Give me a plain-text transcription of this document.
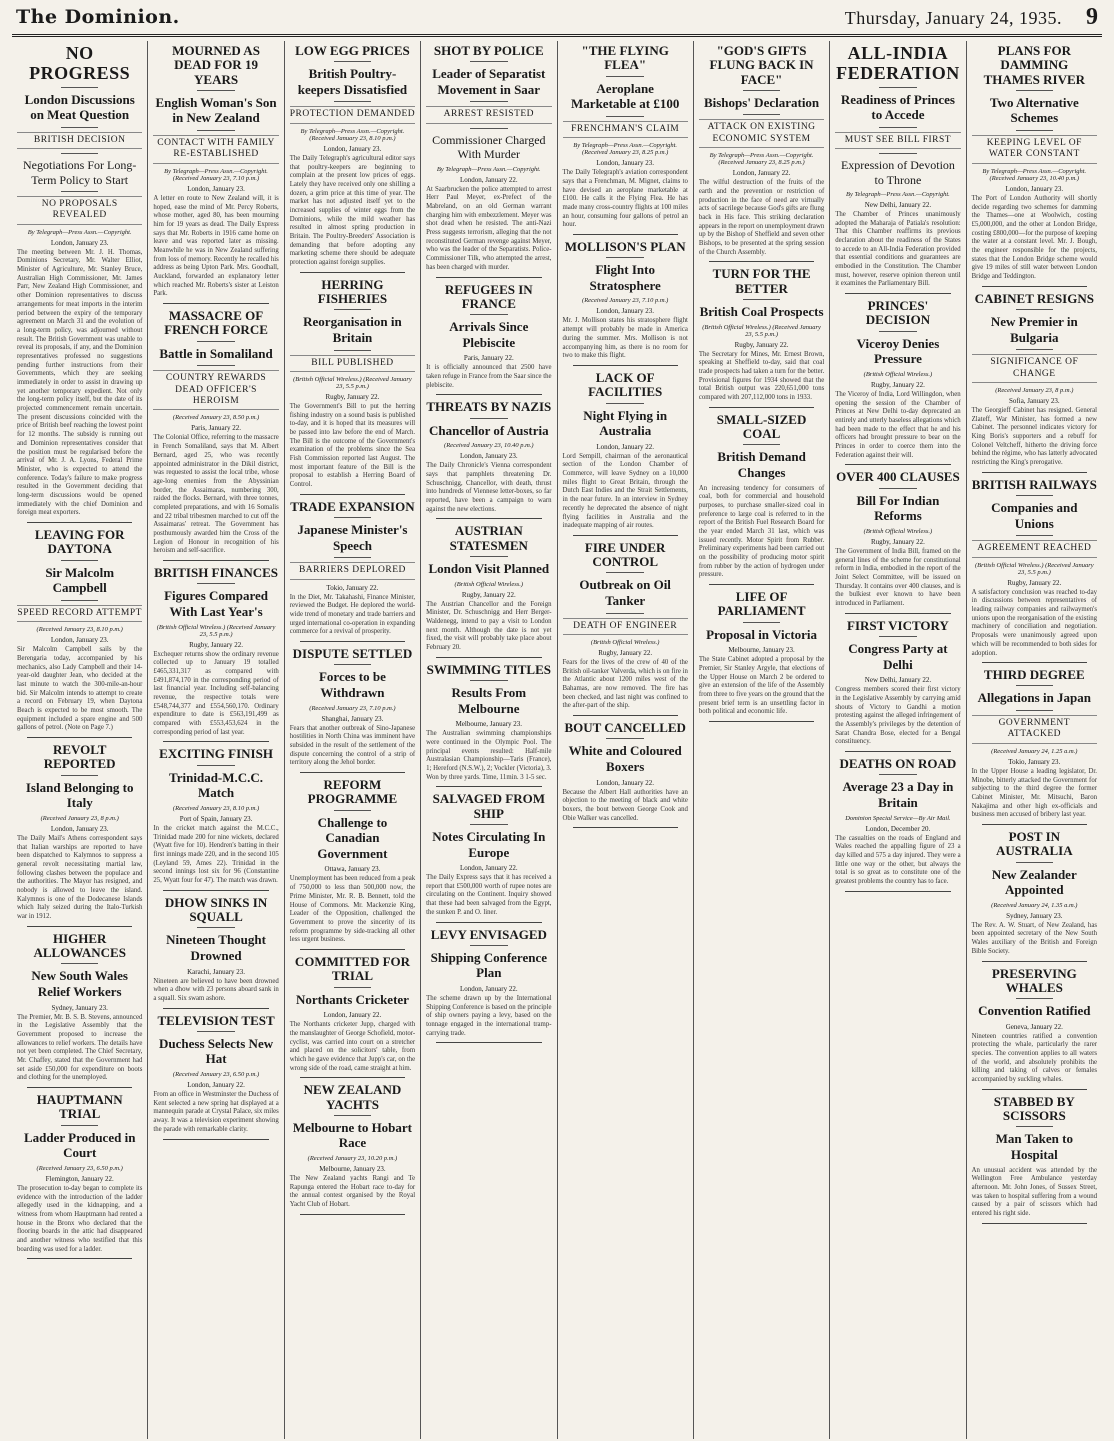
The Dominion.	Thursday, January 24, 1935. 9
NO PROGRESS
London Discussions on Meat Question
BRITISH DECISION
Negotiations For Long-Term Policy to Start
NO PROPOSALS REVEALED
By Telegraph—Press Assn.—Copyright.
London, January 23.

The meeting between Mr. J. H. Thomas, Dominions Secretary, Mr. Walter Elliot, Minister of Agriculture, Mr. Stanley Bruce, Australian High Commissioner, Mr. James Parr, New Zealand High Commissioner, and other Dominion representatives to discuss arrangements for meat imports in the interim period between the expiry of the temporary agreement on March 31 and the evolution of a long-term policy, was adjourned without result. The British Government was unable to reveal its proposals, if any, and the Dominion representatives professed no suggestions pending further instructions from their Governments, which they are seeking immediately in order to assist in drawing up yet another temporary expedient. Not only the long-term policy itself, but the date of its projected commencement remain uncertain. The present discussions coincided with the price of British beef reaching the lowest point for 12 months. The subsidy is running out and Dominion representatives consider that the position must be regularised before the arrival of Mr. J. A. Lyons, Federal Prime Minister, who is expected to attend the conference. Today's failure to make progress resulted in the Government deciding that long-term discussions would be opened immediately with the chief Dominion and foreign meat exporters.

LEAVING FOR DAYTONA
Sir Malcolm Campbell
SPEED RECORD ATTEMPT
(Received January 23, 8.10 p.m.)
London, January 23.

Sir Malcolm Campbell sails by the Berengaria today, accompanied by his mechanics, also Lady Campbell and their 14-year-old daughter Jean, who decided at the last minute to watch the 300-mile-an-hour bid. Sir Malcolm intends to attempt to create a record on February 19, when Daytona Beach is expected to be most smooth. The equipment included a spare engine and 500 gallons of petrol. (Note on Page 7.)

REVOLT REPORTED
Island Belonging to Italy
(Received January 23, 8 p.m.)
London, January 23.

The Daily Mail's Athens correspondent says that Italian warships are reported to have been dispatched to Kalymnos to suppress a general revolt necessitating martial law, following clashes between the populace and the authorities. The Mayor has resigned, and nobody is allowed to leave the island. Kalymnos is one of the Dodecanese Islands which Italy seized during the Italo-Turkish war in 1912.

HIGHER ALLOWANCES
New South Wales Relief Workers
Sydney, January 23.

The Premier, Mr. B. S. B. Stevens, announced in the Legislative Assembly that the Government proposed to increase the allowances to relief workers. The details have not yet been completed. The Chief Secretary, Mr. Chaffey, stated that the Government had set aside £50,000 for expenditure on boots and clothing for the unemployed.

HAUPTMANN TRIAL
Ladder Produced in Court
(Received January 23, 6.50 p.m.)
Flemington, January 22.

The prosecution to-day began to complete its evidence with the introduction of the ladder allegedly used in the kidnapping, and a witness from whom Hauptmann had rented a house in the Bronx who declared that the flooring boards in the attic had disappeared and another witness who testified that this boarding was used for a ladder.

MOURNED AS DEAD FOR 19 YEARS
English Woman's Son in New Zealand
CONTACT WITH FAMILY RE-ESTABLISHED
By Telegraph—Press Assn.—Copyright. (Received January 23, 7.10 p.m.)
London, January 23.

A letter en route to New Zealand will, it is hoped, ease the mind of Mr. Percy Roberts, whose mother, aged 80, has been mourning him for 19 years as dead. The Daily Express says that Mr. Roberts in 1916 came home on leave and was reported later as missing. Meanwhile he was in New Zealand suffering from loss of memory. Recently he recalled his address as being Upton Park. Mrs. Goodhall, Auckland, forwarded an explanatory letter which reached Mr. Roberts's sister at Leiston Park.

MASSACRE OF FRENCH FORCE
Battle in Somaliland
COUNTRY REWARDS DEAD OFFICER'S HEROISM
(Received January 23, 8.50 p.m.)
Paris, January 22.

The Colonial Office, referring to the massacre in French Somaliland, says that M. Albert Bernard, aged 25, who was recently appointed administrator in the Dikil district, was requested to assist the local tribe, whose age-long enemies from the Abyssinian border, the Assaimaras, numbering 300, raided the flocks. Bernard, with three tonnes, completed preparations, and with 16 Somalis and 22 tribal tribesmen marched to cut off the Assaimaras' retreat. The Government has posthumously awarded him the Cross of the Legion of Honour in recognition of his heroism and self-sacrifice.

BRITISH FINANCES
Figures Compared With Last Year's
(British Official Wireless.) (Received January 23, 5.5 p.m.)
Rugby, January 22.

Exchequer returns show the ordinary revenue collected up to January 19 totalled £465,331,317 as compared with £491,874,170 in the corresponding period of last financial year. Including self-balancing revenue, the respective totals were £548,744,377 and £554,560,170. Ordinary expenditure to date is £563,191,499 as compared with £553,453,624 in the corresponding period of last year.

EXCITING FINISH
Trinidad-M.C.C. Match
(Received January 23, 8.10 p.m.)
Port of Spain, January 23.

In the cricket match against the M.C.C., Trinidad made 200 for nine wickets, declared (Wyatt five for 10). Hendren's batting in their first innings made 220, and in the second 105 (Leyland 59, Ames 22). Trinidad in the second innings lost six for 96 (Constantine 25, Wyatt four for 47). The match was drawn.

DHOW SINKS IN SQUALL
Nineteen Thought Drowned
Karachi, January 23.

Nineteen are believed to have been drowned when a dhow with 23 persons aboard sank in a squall. Six swam ashore.

TELEVISION TEST
Duchess Selects New Hat
(Received January 23, 6.50 p.m.)
London, January 22.

From an office in Westminster the Duchess of Kent selected a new spring hat displayed at a mannequin parade at Crystal Palace, six miles away. It was a television experiment showing the parade with remarkable clarity.

LOW EGG PRICES
British Poultry-keepers Dissatisfied
PROTECTION DEMANDED
By Telegraph—Press Assn.—Copyright. (Received January 23, 8.10 p.m.)
London, January 23.

The Daily Telegraph's agricultural editor says that poultry-keepers are beginning to complain at the present low prices of eggs. Lately they have received only one shilling a dozen, a grim price at this time of year. The market has not adjusted itself yet to the increased supplies of winter eggs from the Dominions, while the mild weather has resulted in almost spring production in Britain. The Poultry-Breeders' Association is demanding that before adopting any marketing scheme there should be adequate protection against foreign supplies.

HERRING FISHERIES
Reorganisation in Britain
BILL PUBLISHED
(British Official Wireless.) (Received January 23, 5.5 p.m.)
Rugby, January 22.

The Government's Bill to put the herring fishing industry on a sound basis is published to-day, and it is hoped that its measures will be passed into law before the end of March. The Bill is the outcome of the Government's examination of the problems since the Sea Fish Commission reported last August. The most important feature of the Bill is the proposal to establish a Herring Board of Control.

TRADE EXPANSION
Japanese Minister's Speech
BARRIERS DEPLORED
Tokio, January 22.

In the Diet, Mr. Takahashi, Finance Minister, reviewed the Budget. He deplored the world-wide trend of monetary and trade barriers and urged international co-operation in expanding commerce for a revival of prosperity.

DISPUTE SETTLED
Forces to be Withdrawn
(Received January 23, 7.10 p.m.)
Shanghai, January 23.

Fears that another outbreak of Sino-Japanese hostilities in North China was imminent have subsided in the result of the settlement of the dispute concerning the control of a strip of territory along the Jehol border.

REFORM PROGRAMME
Challenge to Canadian Government
Ottawa, January 23.

Unemployment has been reduced from a peak of 750,000 to less than 500,000 now, the Prime Minister, Mr. R. B. Bennett, told the House of Commons. Mr. Mackenzie King, Leader of the Opposition, challenged the Government to prove the sincerity of its reform programme by side-tracking all other less urgent business.

COMMITTED FOR TRIAL
Northants Cricketer
London, January 22.

The Northants cricketer Jupp, charged with the manslaughter of George Schofield, motor-cyclist, was carried into court on a stretcher and placed on the solicitors' table, from which he gave evidence that Jupp's car, on the wrong side of the road, came straight at him.

NEW ZEALAND YACHTS
Melbourne to Hobart Race
(Received January 23, 10.20 p.m.)
Melbourne, January 23.

The New Zealand yachts Rangi and Te Rapunga entered the Hobart race to-day for the annual contest organised by the Royal Yacht Club of Hobart.

SHOT BY POLICE
Leader of Separatist Movement in Saar
ARREST RESISTED
Commissioner Charged With Murder
By Telegraph—Press Assn.—Copyright.
London, January 22.

At Saarbrucken the police attempted to arrest Herr Paul Meyer, ex-Prefect of the Mabreland, on an old German warrant charging him with embezzlement. Meyer was shot dead when he resisted. The anti-Nazi Press suggests terrorism, alleging that the not reconstituted German revenge against Meyer, who was the leader of the Separatists. Police-Commissioner Tilk, who attempted the arrest, has been charged with murder.

REFUGEES IN FRANCE
Arrivals Since Plebiscite
Paris, January 22.

It is officially announced that 2500 have taken refuge in France from the Saar since the plebiscite.

THREATS BY NAZIS
Chancellor of Austria
(Received January 23, 10.40 p.m.)
London, January 23.

The Daily Chronicle's Vienna correspondent says that pamphlets threatening Dr. Schuschnigg, Chancellor, with death, thrust into hundreds of Viennese letter-boxes, so far reported, have been a campaign to warn against the new elections.

AUSTRIAN STATESMEN
London Visit Planned
(British Official Wireless.)
Rugby, January 22.

The Austrian Chancellor and the Foreign Minister, Dr. Schuschnigg and Herr Berger-Waldenegg, intend to pay a visit to London next month. Although the date is not yet fixed, the visit will probably take place about February 20.

SWIMMING TITLES
Results From Melbourne
Melbourne, January 23.

The Australian swimming championships were continued in the Olympic Pool. The principal events resulted: Half-mile Australasian Championship—Taris (France), 1; Hereford (N.S.W.), 2; Vockler (Victoria), 3. Won by three yards. Time, 11min. 3 1-5 sec.

SALVAGED FROM SHIP
Notes Circulating In Europe
London, January 22.

The Daily Express says that it has received a report that £500,000 worth of rupee notes are circulating on the Continent. Inquiry showed that these had been salvaged from the Egypt, the sunken P. and O. liner.

LEVY ENVISAGED
Shipping Conference Plan
London, January 22.

The scheme drawn up by the International Shipping Conference is based on the principle of ship owners paying a levy, based on the tonnage engaged in the international tramp-carrying trade.

"THE FLYING FLEA"
Aeroplane Marketable at £100
FRENCHMAN'S CLAIM
By Telegraph—Press Assn.—Copyright. (Received January 23, 8.25 p.m.)
London, January 23.

The Daily Telegraph's aviation correspondent says that a Frenchman, M. Mignet, claims to have devised an aeroplane marketable at £100. He calls it the Flying Flea. He has made many cross-country flights at 100 miles an hour, consuming four gallons of petrol an hour.

MOLLISON'S PLAN
Flight Into Stratosphere
(Received January 23, 7.10 p.m.)
London, January 23.

Mr. J. Mollison states his stratosphere flight attempt will probably be made in America during the summer. Mrs. Mollison is not accompanying him, as there is no room for two to make this flight.

LACK OF FACILITIES
Night Flying in Australia
London, January 22.

Lord Sempill, chairman of the aeronautical section of the London Chamber of Commerce, will leave Sydney on a 10,000 miles flight to Great Britain, through the Dutch East Indies and the Strait Settlements, in the near future. In an interview in Sydney recently he deprecated the absence of night flying facilities in Australia and the inadequate mapping of air routes.

FIRE UNDER CONTROL
Outbreak on Oil Tanker
DEATH OF ENGINEER
(British Official Wireless.)
Rugby, January 22.

Fears for the lives of the crew of 40 of the British oil-tanker Valverda, which is on fire in the Atlantic about 1200 miles west of the Bahamas, are now removed. The fire has been checked, and last night was confined to the after-part of the ship.

BOUT CANCELLED
White and Coloured Boxers
London, January 22.

Because the Albert Hall authorities have an objection to the meeting of black and white boxers, the bout between George Cook and Obie Walker was cancelled.

"GOD'S GIFTS FLUNG BACK IN FACE"
Bishops' Declaration
ATTACK ON EXISTING ECONOMIC SYSTEM
By Telegraph—Press Assn.—Copyright. (Received January 23, 8.25 p.m.)
London, January 22.

The wilful destruction of the fruits of the earth and the prevention or restriction of production in the face of need are virtually acts of sacrilege because God's gifts are flung back in His face. This striking declaration appears in the report on unemployment drawn up by the Bishop of Sheffield and seven other Bishops, to be presented at the spring session of the Church Assembly.

TURN FOR THE BETTER
British Coal Prospects
(British Official Wireless.) (Received January 23, 5.5 p.m.)
Rugby, January 22.

The Secretary for Mines, Mr. Ernest Brown, speaking at Sheffield to-day, said that coal trade prospects had taken a turn for the better. Provisional figures for 1934 showed that the total British output was 220,651,000 tons compared with 207,112,000 tons in 1933.

SMALL-SIZED COAL
British Demand Changes

An increasing tendency for consumers of coal, both for commercial and household purposes, to purchase smaller-sized coal in preference to large coal is referred to in the report of the British Fuel Research Board for the year ended March 31 last, which was issued recently. Motor Spirit from Rubber. Preliminary experiments had been carried out on the possibility of producing motor spirit from rubber by the action of hydrogen under pressure.

LIFE OF PARLIAMENT
Proposal in Victoria
Melbourne, January 23.

The State Cabinet adopted a proposal by the Premier, Sir Stanley Argyle, that elections of the Upper House on March 2 be ordered to give an extension of the life of the Assembly from three to five years on the ground that the present brief term is an unsettling factor in both political and economic life.

ALL-INDIA FEDERATION
Readiness of Princes to Accede
MUST SEE BILL FIRST
Expression of Devotion to Throne
By Telegraph—Press Assn.—Copyright.
New Delhi, January 22.

The Chamber of Princes unanimously adopted the Maharaja of Patiala's resolution: That this Chamber reaffirms its previous declaration about the readiness of the States to accede to an All-India Federation provided that essential conditions and guarantees are embodied in the Constitution. The Chamber must, however, reserve opinion thereon until it examines the Parliamentary Bill.

PRINCES' DECISION
Viceroy Denies Pressure
(British Official Wireless.)
Rugby, January 22.

The Viceroy of India, Lord Willingdon, when opening the session of the Chamber of Princes at New Delhi to-day deprecated an entirely and utterly baseless allegations which had been made to the effect that he and his officers had brought pressure to bear on the Princes in order to coerce them into the Federation against their will.

OVER 400 CLAUSES
Bill For Indian Reforms
(British Official Wireless.)
Rugby, January 22.

The Government of India Bill, framed on the general lines of the scheme for constitutional reform in India, embodied in the report of the Joint Select Committee, will be issued on Thursday. It contains over 400 clauses, and is the bulkiest ever known to have been introduced in Parliament.

FIRST VICTORY
Congress Party at Delhi
New Delhi, January 22.

Congress members scored their first victory in the Legislative Assembly by carrying amid shouts of Victory to Gandhi a motion protesting against the alleged infringement of the Assembly's privileges by the detention of Sarat Chandra Bose, elected for a Bengal constituency.

DEATHS ON ROAD
Average 23 a Day in Britain
Dominion Special Service—By Air Mail.
London, December 20.

The casualties on the roads of England and Wales reached the appalling figure of 23 a day killed and 575 a day injured. They were a little one way or the other, but always the total is so great as to constitute one of the greatest problems the country has to face.

PLANS FOR DAMMING THAMES RIVER
Two Alternative Schemes
KEEPING LEVEL OF WATER CONSTANT
By Telegraph—Press Assn.—Copyright. (Received January 23, 10.40 p.m.)
London, January 23.

The Port of London Authority will shortly decide regarding two schemes for damming the Thames—one at Woolwich, costing £5,000,000, and the other at London Bridge, costing £800,000—for the purpose of keeping the water at a constant level. Mr. J. Bough, the engineer responsible for the projects, states that the London Bridge scheme would give 19 miles of still water between London Bridge and Teddington.

CABINET RESIGNS
New Premier in Bulgaria
SIGNIFICANCE OF CHANGE
(Received January 23, 8 p.m.)
Sofia, January 23.

The Georgieff Cabinet has resigned. General Zlateff, War Minister, has formed a new Cabinet. The personnel indicates victory for King Boris's supporters and a rebuff for Colonel Veltcheff, hitherto the driving force behind the régime, who has latterly advocated restricting the King's prerogative.

BRITISH RAILWAYS
Companies and Unions
AGREEMENT REACHED
(British Official Wireless.) (Received January 23, 5.5 p.m.)
Rugby, January 22.

A satisfactory conclusion was reached to-day in discussions between representatives of leading railway companies and railwaymen's unions upon the reorganisation of the existing machinery of conciliation and negotiation. Proposals were unanimously agreed upon which will be recommended to both sides for adoption.

THIRD DEGREE
Allegations in Japan
GOVERNMENT ATTACKED
(Received January 24, 1.25 a.m.)
Tokio, January 23.

In the Upper House a leading legislator, Dr. Minobe, bitterly attacked the Government for subjecting to the third degree the former Cabinet Minister, Mr. Mitsuchi, Baron Nakajima and other high ex-officials and business men accused of bribery last year.

POST IN AUSTRALIA
New Zealander Appointed
(Received January 24, 1.35 a.m.)
Sydney, January 23.

The Rev. A. W. Stuart, of New Zealand, has been appointed secretary of the New South Wales auxiliary of the British and Foreign Bible Society.

PRESERVING WHALES
Convention Ratified
Geneva, January 22.

Nineteen countries ratified a convention protecting the whale, particularly the rarer species. The convention applies to all waters of the world, and absolutely prohibits the killing and taking of calves or females accompanied by suckling whales.

STABBED BY SCISSORS
Man Taken to Hospital

An unusual accident was attended by the Wellington Free Ambulance yesterday afternoon. Mr. John Jones, of Sussex Street, was taken to hospital suffering from a wound caused by a pair of scissors which had entered his right side.
